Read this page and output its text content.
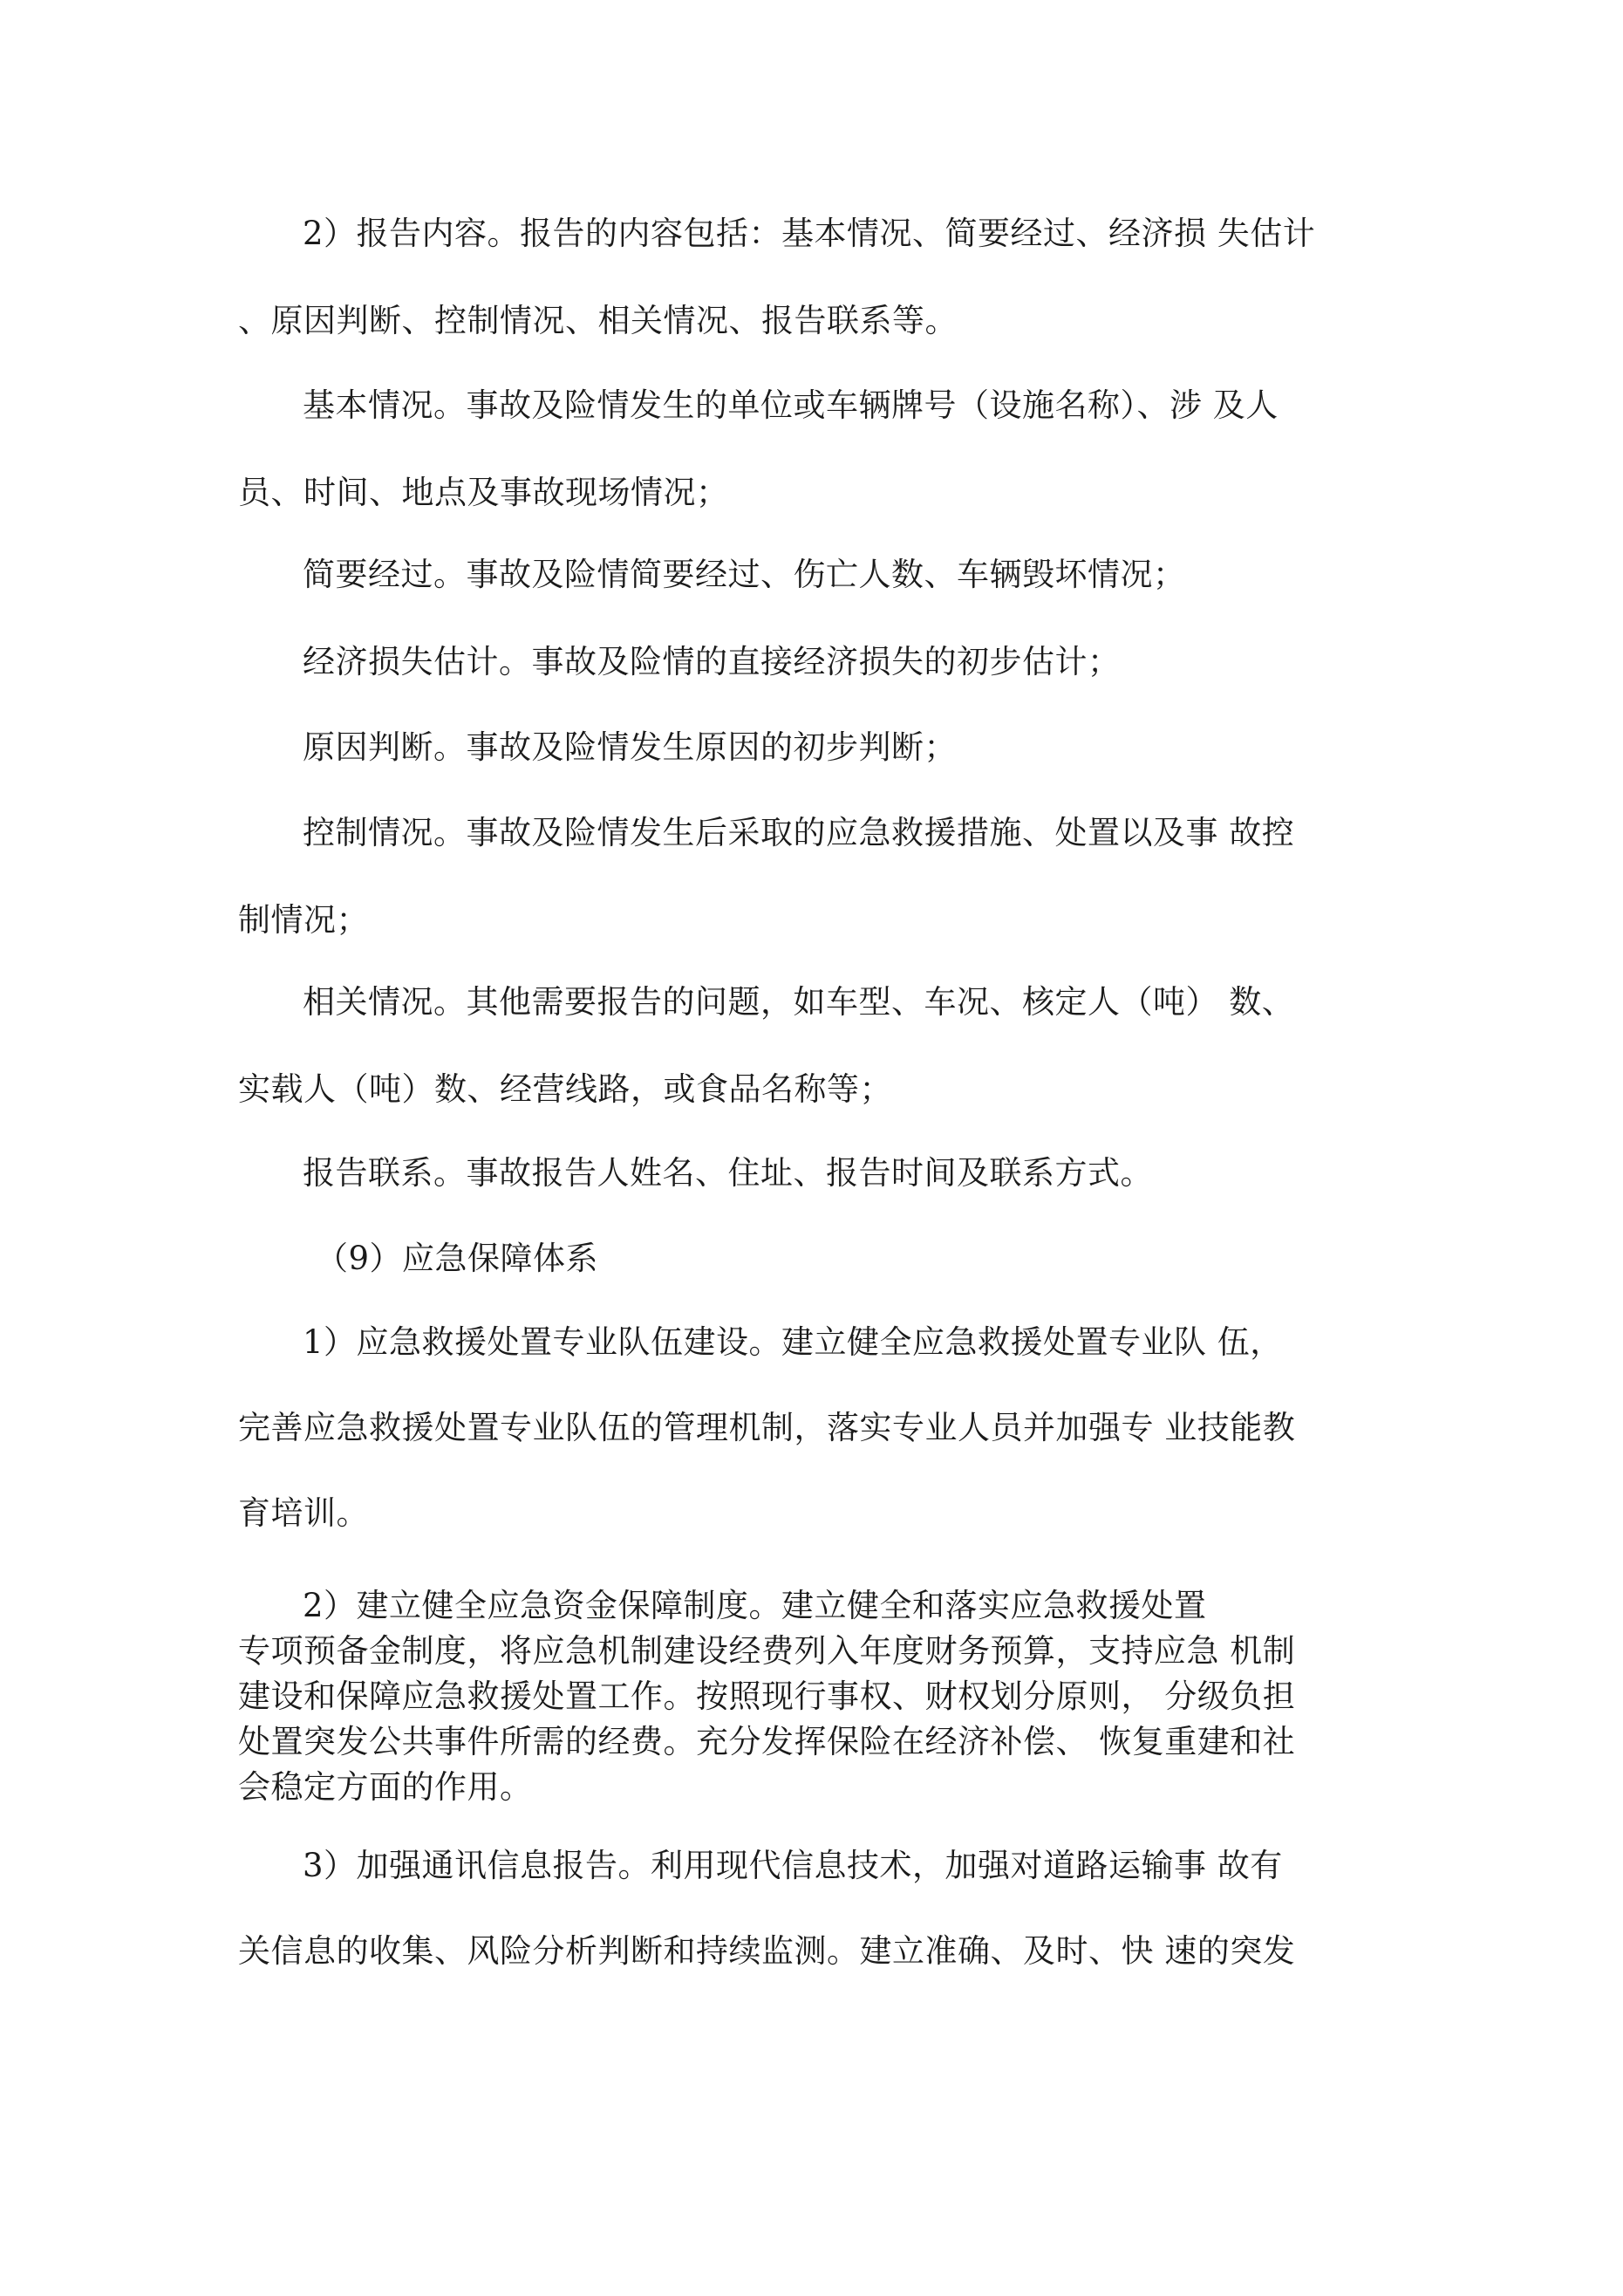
2）报告内容。报告的内容包括：基本情况、简要经过、经济损 失估计
、原因判断、控制情况、相关情况、报告联系等。
基本情况。事故及险情发生的单位或车辆牌号（设施名称）、涉 及人
员、时间、地点及事故现场情况；
简要经过。事故及险情简要经过、伤亡人数、车辆毁坏情况；
经济损失估计。事故及险情的直接经济损失的初步估计；
原因判断。事故及险情发生原因的初步判断；
控制情况。事故及险情发生后采取的应急救援措施、处置以及事 故控
制情况；
相关情况。其他需要报告的问题，如车型、车况、核定人（吨） 数、
实载人（吨）数、经营线路，或食品名称等；
报告联系。事故报告人姓名、住址、报告时间及联系方式。
（9）应急保障体系
1）应急救援处置专业队伍建设。建立健全应急救援处置专业队 伍，
完善应急救援处置专业队伍的管理机制，落实专业人员并加强专 业技能教
育培训。
2）建立健全应急资金保障制度。建立健全和落实应急救援处置
专项预备金制度，将应急机制建设经费列入年度财务预算，支持应急 机制
建设和保障应急救援处置工作。按照现行事权、财权划分原则， 分级负担
处置突发公共事件所需的经费。充分发挥保险在经济补偿、 恢复重建和社
会稳定方面的作用。
3）加强通讯信息报告。利用现代信息技术，加强对道路运输事 故有
关信息的收集、风险分析判断和持续监测。建立准确、及时、快 速的突发
